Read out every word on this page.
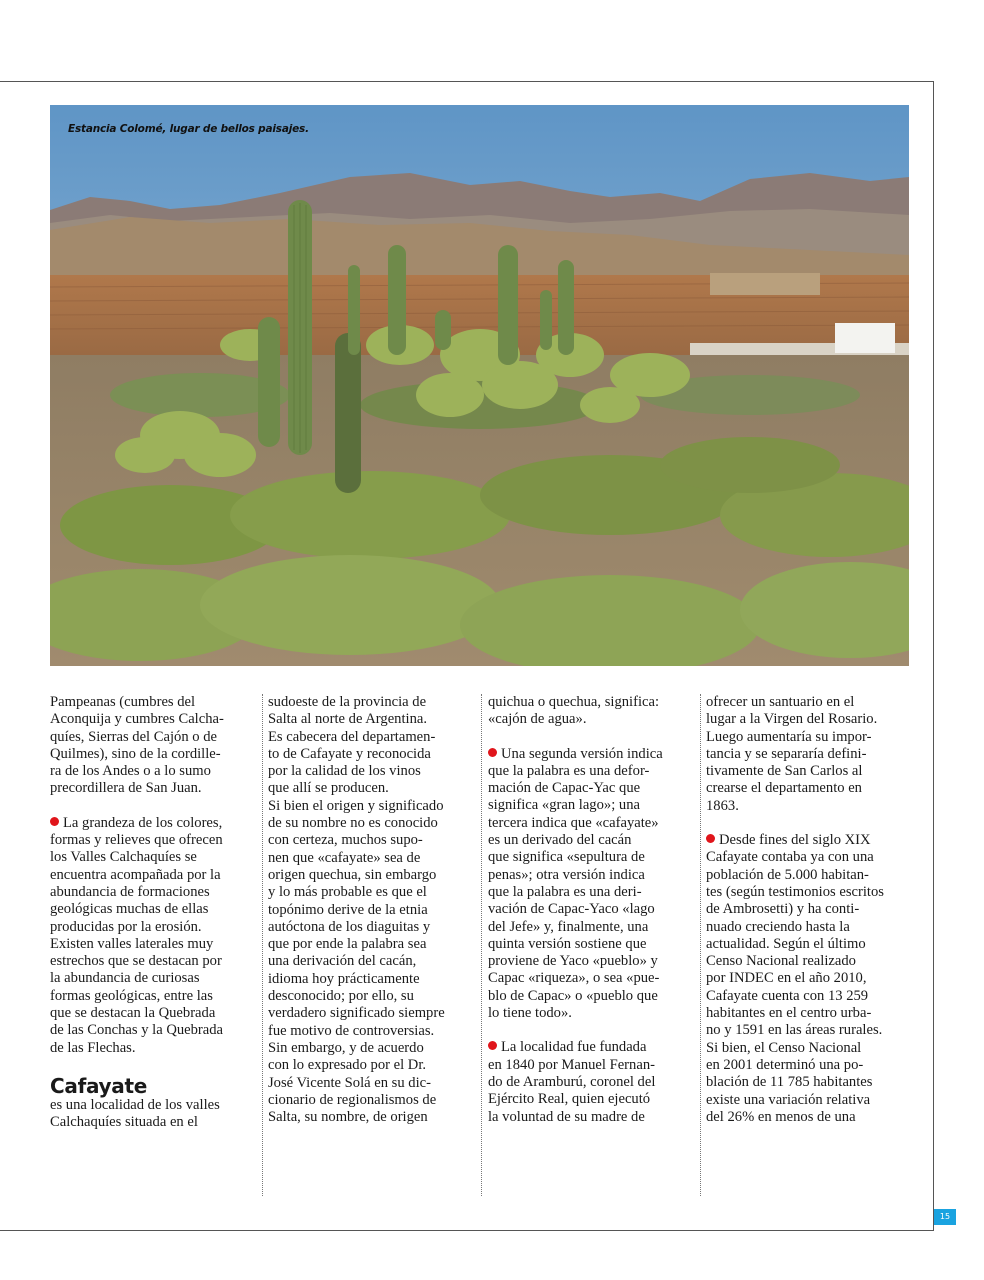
Estancia Colomé, lugar de bellos paisajes.

Pampeanas (cumbres del
Aconquija y cumbres Calcha-
quíes, Sierras del Cajón o de
Quilmes), sino de la cordille-
ra de los Andes o a lo sumo
precordillera de San Juan.

La grandeza de los colores,
formas y relieves que ofrecen
los Valles Calchaquíes se
encuentra acompañada por la
abundancia de formaciones
geológicas muchas de ellas
producidas por la erosión.
Existen valles laterales muy
estrechos que se destacan por
la abundancia de curiosas
formas geológicas, entre las
que se destacan la Quebrada
de las Conchas y la Quebrada
de las Flechas.

Cafayate

es una localidad de los valles
Calchaquíes situada en el

sudoeste de la provincia de
Salta al norte de Argentina.
Es cabecera del departamen-
to de Cafayate y reconocida
por la calidad de los vinos
que allí se producen.

Si bien el origen y significado
de su nombre no es conocido
con certeza, muchos supo-
nen que «cafayate» sea de
origen quechua, sin embargo
y lo más probable es que el
topónimo derive de la etnia
autóctona de los diaguitas y
que por ende la palabra sea
una derivación del cacán,
idioma hoy prácticamente
desconocido; por ello, su
verdadero significado siempre
fue motivo de controversias.

Sin embargo, y de acuerdo
con lo expresado por el Dr.
José Vicente Solá en su dic-
cionario de regionalismos de
Salta, su nombre, de origen

quichua o quechua, significa:
«cajón de agua».

Una segunda versión indica
que la palabra es una defor-
mación de Capac-Yac que
significa «gran lago»; una
tercera indica que «cafayate»
es un derivado del cacán
que significa «sepultura de
penas»; otra versión indica
que la palabra es una deri-
vación de Capac-Yaco «lago
del Jefe» y, finalmente, una
quinta versión sostiene que
proviene de Yaco «pueblo» y
Capac «riqueza», o sea «pue-
blo de Capac» o «pueblo que
lo tiene todo».

La localidad fue fundada
en 1840 por Manuel Fernan-
do de Aramburú, coronel del
Ejército Real, quien ejecutó
la voluntad de su madre de

ofrecer un santuario en el
lugar a la Virgen del Rosario.
Luego aumentaría su impor-
tancia y se separaría defini-
tivamente de San Carlos al
crearse el departamento en
1863.

Desde fines del siglo XIX
Cafayate contaba ya con una
población de 5.000 habitan-
tes (según testimonios escritos
de Ambrosetti) y ha conti-
nuado creciendo hasta la
actualidad. Según el último
Censo Nacional realizado
por INDEC en el año 2010,
Cafayate cuenta con 13 259
habitantes en el centro urba-
no y 1591 en las áreas rurales.
Si bien, el Censo Nacional
en 2001 determinó una po-
blación de 11 785 habitantes
existe una variación relativa
del 26% en menos de una

15
